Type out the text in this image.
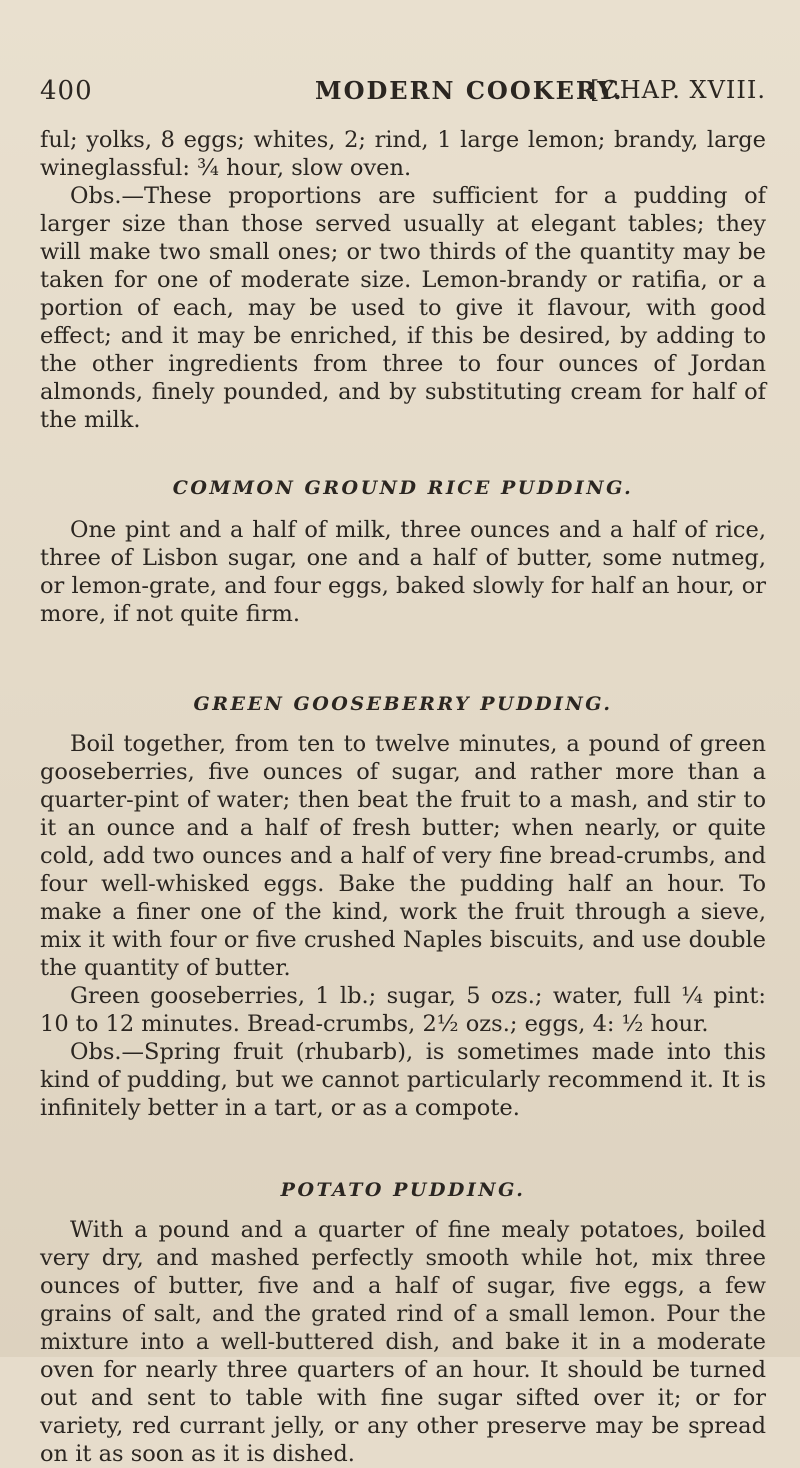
400	MODERN COOKERY.
[CHAP. XVIII.

ful; yolks, 8 eggs; whites, 2; rind, 1 large lemon; brandy, large wineglassful: ¾ hour, slow oven.

Obs.—These proportions are sufficient for a pudding of larger size than those served usually at elegant tables; they will make two small ones; or two thirds of the quantity may be taken for one of moderate size. Lemon-brandy or ratifia, or a portion of each, may be used to give it flavour, with good effect; and it may be enriched, if this be desired, by adding to the other ingredients from three to four ounces of Jordan almonds, finely pounded, and by substituting cream for half of the milk.

COMMON GROUND RICE PUDDING.

One pint and a half of milk, three ounces and a half of rice, three of Lisbon sugar, one and a half of butter, some nutmeg, or lemon-grate, and four eggs, baked slowly for half an hour, or more, if not quite firm.

GREEN GOOSEBERRY PUDDING.

Boil together, from ten to twelve minutes, a pound of green gooseberries, five ounces of sugar, and rather more than a quarter-pint of water; then beat the fruit to a mash, and stir to it an ounce and a half of fresh butter; when nearly, or quite cold, add two ounces and a half of very fine bread-crumbs, and four well-whisked eggs. Bake the pudding half an hour. To make a finer one of the kind, work the fruit through a sieve, mix it with four or five crushed Naples biscuits, and use double the quantity of butter.

Green gooseberries, 1 lb.; sugar, 5 ozs.; water, full ¼ pint: 10 to 12 minutes. Bread-crumbs, 2½ ozs.; eggs, 4: ½ hour.

Obs.—Spring fruit (rhubarb), is sometimes made into this kind of pudding, but we cannot particularly recommend it. It is infinitely better in a tart, or as a compote.

POTATO PUDDING.

With a pound and a quarter of fine mealy potatoes, boiled very dry, and mashed perfectly smooth while hot, mix three ounces of butter, five and a half of sugar, five eggs, a few grains of salt, and the grated rind of a small lemon. Pour the mixture into a well-buttered dish, and bake it in a moderate oven for nearly three quarters of an hour. It should be turned out and sent to table with fine sugar sifted over it; or for variety, red currant jelly, or any other preserve may be spread on it as soon as it is dished.
